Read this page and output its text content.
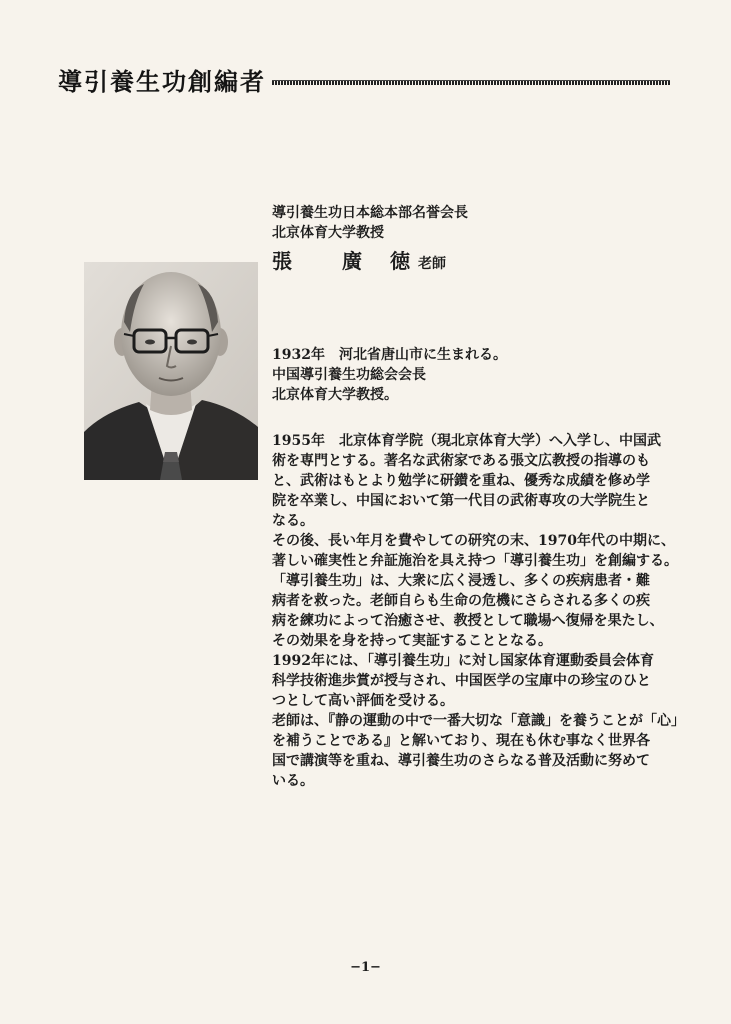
導引養生功創編者
導引養生功日本総本部名誉会長
北京体育大学教授
張	廣 徳 老師
1932年　河北省唐山市に生まれる。
中国導引養生功総会会長
北京体育大学教授。
1955年　北京体育学院（現北京体育大学）へ入学し、中国武
術を専門とする。著名な武術家である張文広教授の指導のも
と、武術はもとより勉学に研鑚を重ね、優秀な成績を修め学
院を卒業し、中国において第一代目の武術専攻の大学院生と
なる。
その後、長い年月を費やしての研究の末、1970年代の中期に、
著しい確実性と弁証施治を具え持つ「導引養生功」を創編する。
「導引養生功」は、大衆に広く浸透し、多くの疾病患者・難
病者を救った。老師自らも生命の危機にさらされる多くの疾
病を練功によって治癒させ、教授として職場へ復帰を果たし、
その効果を身を持って実証することとなる。
1992年には、「導引養生功」に対し国家体育運動委員会体育
科学技術進歩賞が授与され、中国医学の宝庫中の珍宝のひと
つとして高い評価を受ける。
老師は、『静の運動の中で一番大切な「意識」を養うことが「心」
を補うことである』と解いており、現在も休む事なく世界各
国で講演等を重ね、導引養生功のさらなる普及活動に努めて
いる。
−1−
